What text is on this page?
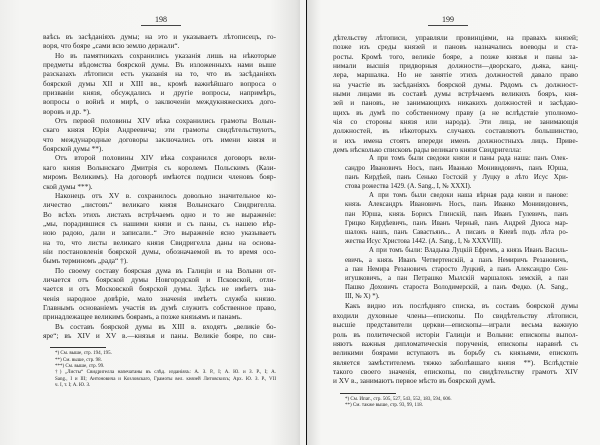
198
ваѣсь въ засѣданіяхъ думы; на это и указываетъ лѣтописецъ, го-
воря, что бояре „сами всю землю держали“.
Но въ памятникахъ сохранились указанія лишь на нѣкоторые
предметы вѣдомства боярской думы. Въ изложенныхъ нами выше
разсказахъ лѣтописи есть указанія на то, что въ засѣданіяхъ
боярской думы XII и XIII вв., кромѣ важнѣйшаго вопроса о
призваніи князя, обсуждались и другіе вопросы, напримѣръ,
вопросы о войнѣ и мирѣ, о заключеніи междукняжескихъ дого-
воровъ и др. *).
Отъ первой половины XIV вѣка сохранились грамоты Волын-
скаго князя Юрія Андреевича; эти грамоты свидѣтельствуютъ,
что международные договоры заключались отъ имени князя и
боярской думы **).
Отъ второй половины XIV вѣка сохранился договоръ вели-
каго князя Волынскаго Дмитрія съ королемъ Польскимъ (Кази-
миромъ Великимъ). На договорѣ имѣются подписи членовъ бояр-
ской думы ***).
Наконецъ отъ XV в. сохранилось довольно значительное ко-
личество „листовъ“ великаго князя Волынскаго Свидригелла.
Во всѣхъ этихъ листахъ встрѣчаемъ одно и то же выраженіе:
„мы, порадившися съ нашими князи и съ паны, съ нашею вѣр-
ною радою, дали и записали..“ Это выраженіе ясно указываетъ
на то, что листы великаго князя Свидригелла даны на основа-
ніи постановленія боярской думы, обозначаемой въ то время осо-
бымъ терминомъ „рада“ †).
По своему составу боярская дума въ Галиціи и на Волыни от-
личается отъ боярской думы Новгородской и Псковской, отли-
чается и отъ Московской боярской думы. Здѣсь не имѣетъ зна-
ченія народное довѣріе, мало значенія имѣетъ служба князю.
Главнымъ основаніемъ участія въ думѣ служитъ собственное право,
принадлежащее великимъ боярамъ, а позже князьямъ и панамъ.
Въ составъ боярской думы въ XIII в. входятъ „великіе бо-
яре“; въ XIV и XV в.—князья и паны. Великіе бояре, по сви-
*) См. выше, стр. 194, 195.
**) См. выше, стр. 98.
***) См. выше, стр. 99.
†) „Листы“ Свидригелла напечатаны въ слѣд. изданіяхъ: А. З. Р., I; А. Ю. и З. Р., I; А.
Sang., I и III; Антоновича и Козловскаго, Грамоты вел. князей Литовскихъ; Арх. Ю. З. Р., VII
ч. I, т. I; А. Ю. З.
199
дѣтельству лѣтописи, управляли провинціями, на правахъ князей;
позже изъ среды князей и пановъ назначались воеводы и ста-
росты. Кромѣ того, великіе бояре, а позже князья и паны за-
нимали высшія придворныя должности—дворскаго, дьяка, канц-
лера, маршалка. Но не занятіе этихъ должностей давало право
на участіе въ засѣданіяхъ боярской думы. Рядомъ съ должност-
ными лицами въ составѣ думы встрѣчаемъ великихъ бояръ, кня-
зей и пановъ, не занимающихъ никакихъ должностей и засѣдаю-
щихъ въ думѣ по собственному праву (а не вслѣдствіе уполномо-
чія со стороны князя или народа). Эти лица, не занимающія
должностей, въ нѣкоторыхъ случаяхъ составляютъ большинство,
и ихъ имена стоятъ впереди именъ должностныхъ лицъ. Приве-
демъ нѣсколько списковъ рады великаго князя Свидригелла:
А при томъ были сведоки князи и паны рада наша: панъ Олек-
сандро Ивановичъ Носъ, панъ Иванько Монивидовичъ, панъ Юрша,
панъ Кирдѣей, панъ Сенько Гостскій у Луцку в лѣто Исус Хри-
стова рожества 1429. (A. Sang., I, № XXXI).
А при томъ были сведоки наша вѣрная рада князи и панове:
князь Александръ Ивановичъ Носъ, панъ Иванко Монивидовичъ,
пан Юрша, князь Борисъ Глинскій, панъ Иванъ Гулевичъ, панъ
Грицко Кирдѣевичъ, панъ Иванъ Черный, панъ Андрей Дуюса мар-
шалокъ нашъ, панъ Савастьянъ... А писанъ в Киевѣ подъ лѣта ро-
жества Исус Христова 1442. (A. Sang., I, № XXXVIII).
А при томъ были: Владыка Луцкій Ефремъ, а князь Иванъ Василь-
евичъ, а князь Иванъ Четвертенскій, а панъ Немиричъ Резановичъ,
а пан Немира Резановичъ старосто Луцкий, а панъ Александро Сен-
игушковичъ, а пан Петрашко Мылскій маршалокъ земскій, а пан
Пашко Доховичъ староста Володимерскій, а панъ Федко. (A. Sang.,
III, № X) *).
Какъ видно изъ послѣдняго списка, въ составъ боярской думы
входили духовные члены—епископы. По свидѣтельству лѣтописи,
высшіе представители церкви—епископы—играли весьма важную
роль въ политической исторіи Галиціи и Волыни: епископы выпол-
няютъ важныя дипломатическія порученія, епископы наравнѣ съ
великими боярами вступаютъ въ борьбу съ князьями, епископъ
является замѣстителемъ тяжко заболѣвшаго князя **). Вслѣдствіе
такого своего значенія, епископы, по свидѣтельству грамотъ XIV
и XV в., занимаютъ первое мѣсто въ боярской думѣ.
*) См. Ипат., стр. 505, 527, 543, 552, 183, 594, 606.
**) См. также выше, стр. 93, 99, 118.
